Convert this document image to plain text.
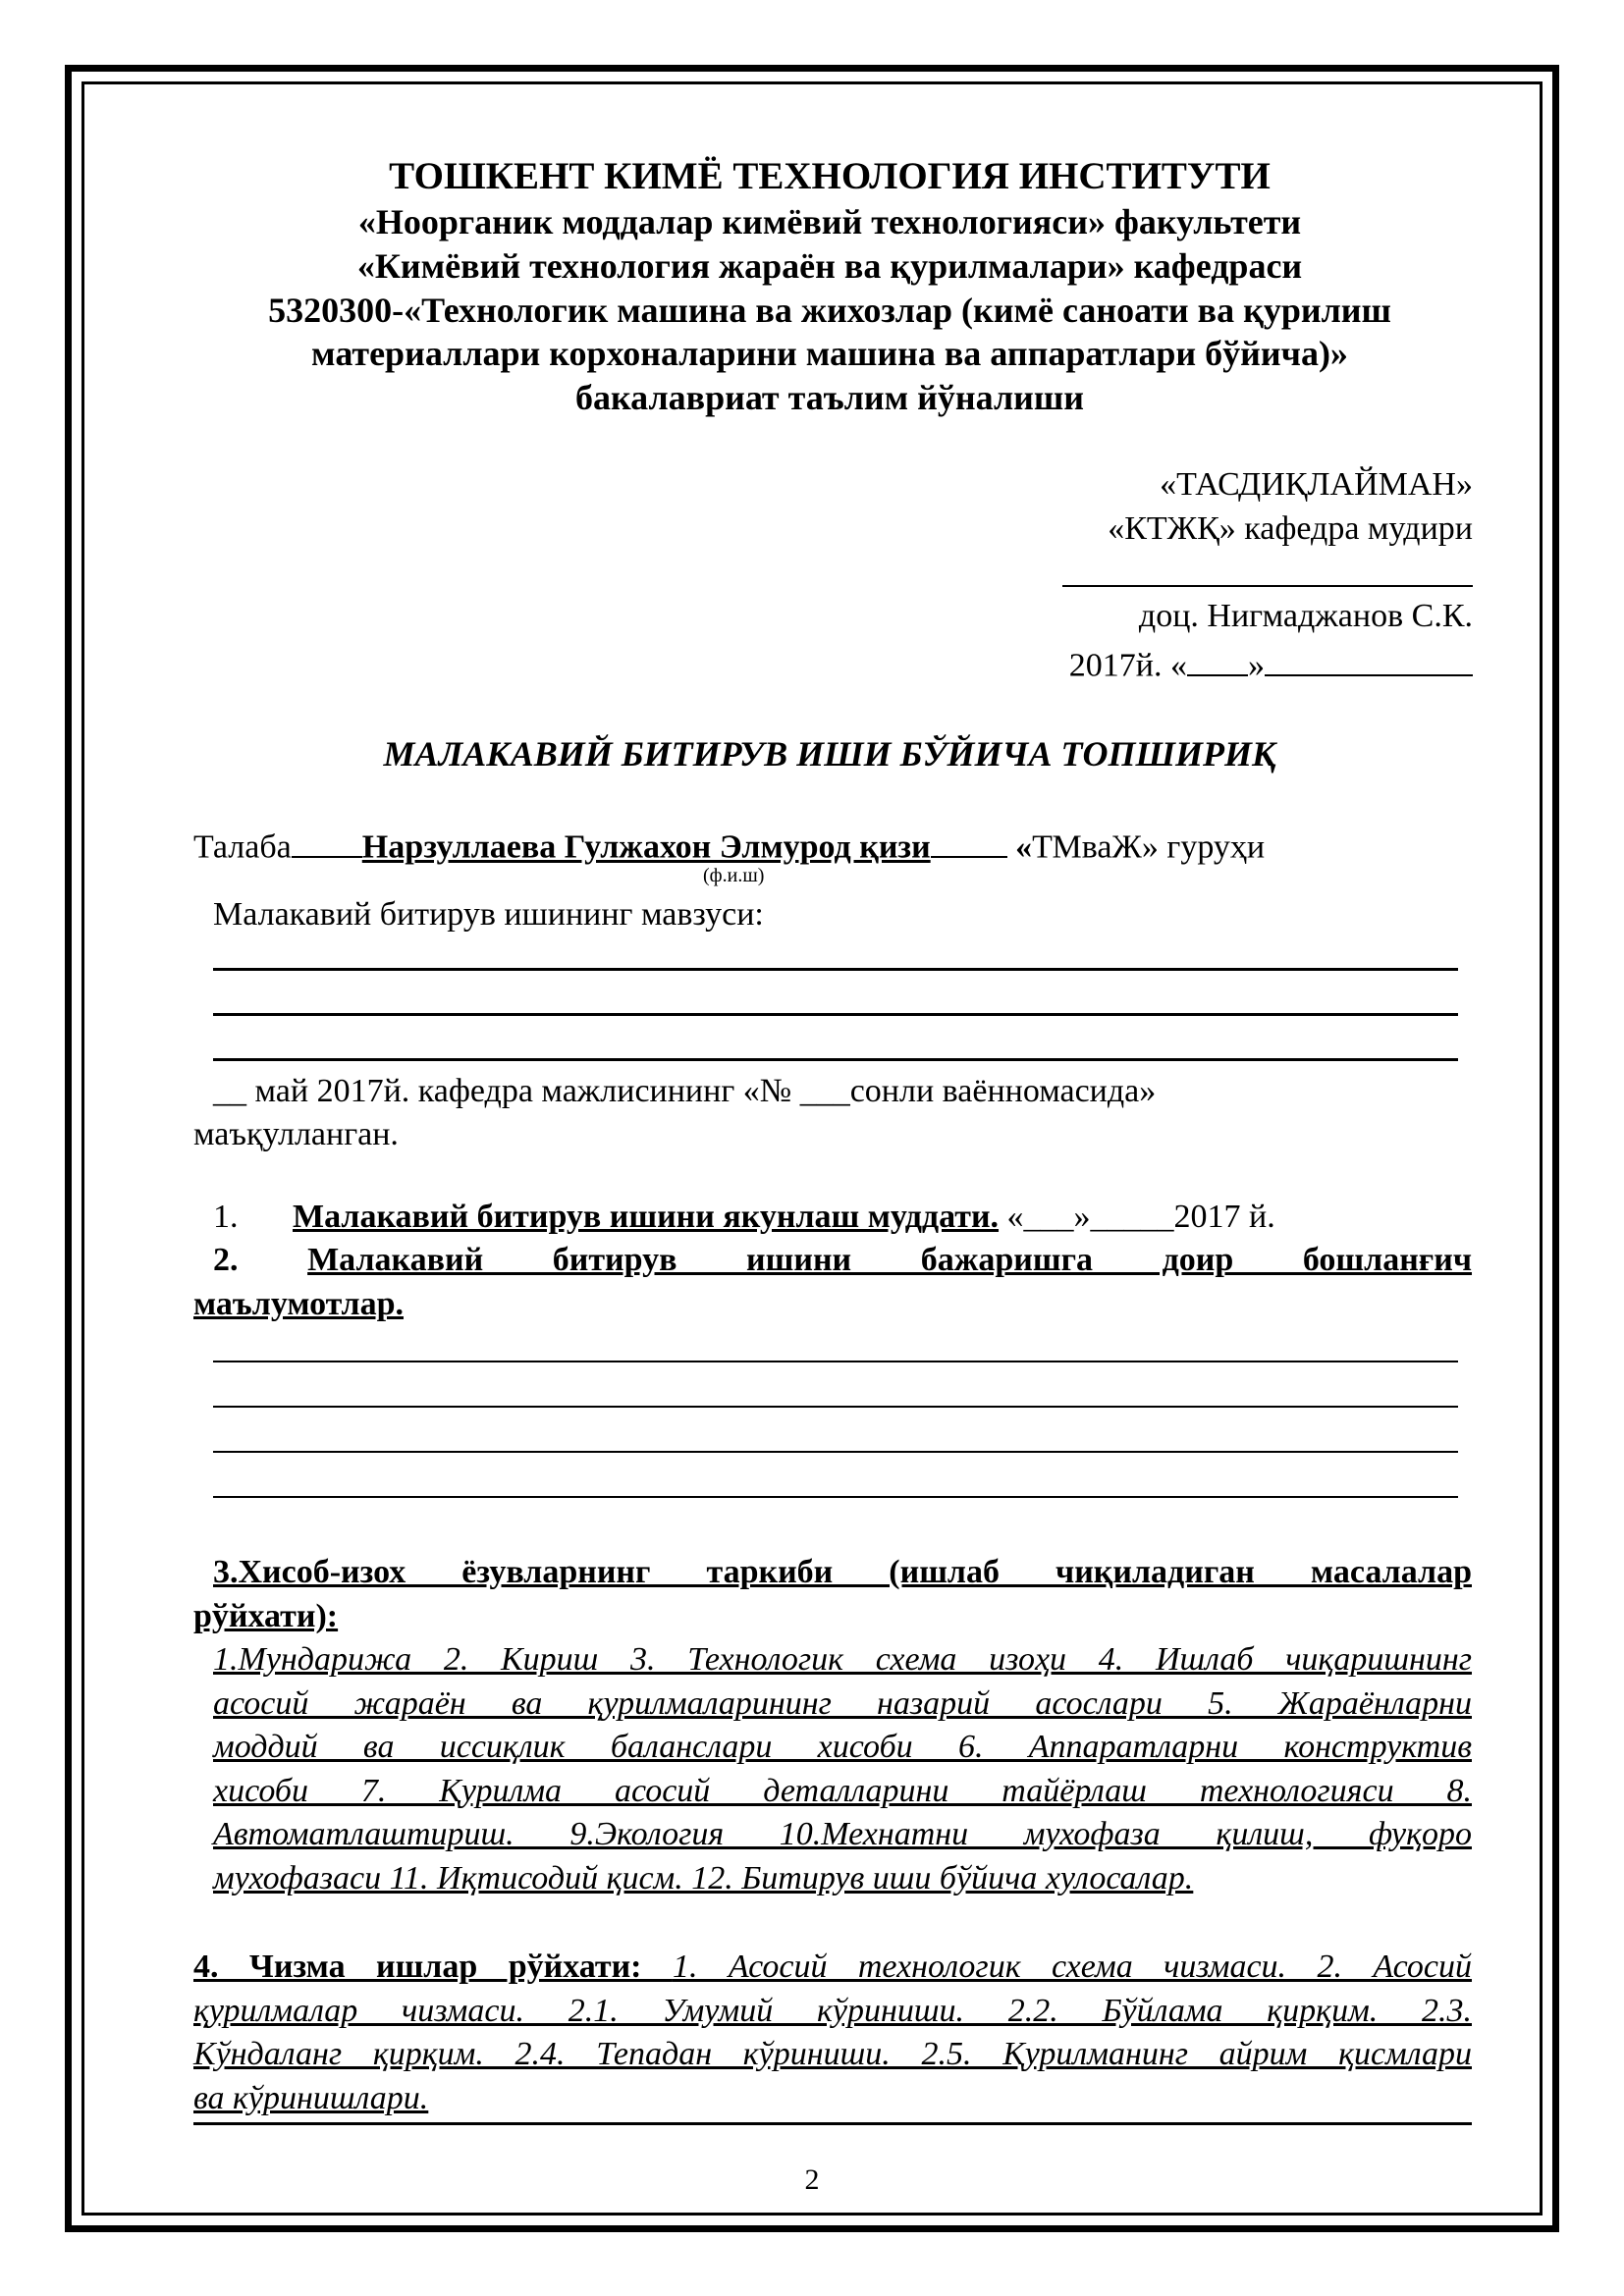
ТОШКЕНТ КИМЁ ТЕХНОЛОГИЯ ИНСТИТУТИ
«Ноорганик моддалар кимёвий технологияси» факультети
«Кимёвий технология жараён ва қурилмалари» кафедраси
5320300-«Технологик машина ва жихозлар (кимё саноати ва қурилиш
материаллари корхоналарини машина ва аппаратлари бўйича)»
бакалавриат таълим йўналиши
«ТАСДИҚЛАЙМАН»
«КТЖҚ» кафедра мудири
доц. Нигмаджанов С.К.
2017й. « »
МАЛАКАВИЙ БИТИРУВ ИШИ БЎЙИЧА ТОПШИРИҚ
Талаба Нарзуллаева Гулжахон Элмурод қизи	«ТМваЖ» гуруҳи
(ф.и.ш)
Малакавий битирув ишининг мавзуси:
__ май 2017й. кафедра мажлисининг «№ ___сонли ваённомасида»
маъқулланган.
1. Малакавий битирув ишини якунлаш муддати. «___»_____2017 й.
2. Малакавий битирув ишини бажаришга доир бошланғич
маълумотлар.
3.Хисоб-изох ёзувларнинг таркиби (ишлаб чиқиладиган масалалар
рўйхати):
1.Мундарижа 2. Кириш 3. Технологик схема изоҳи 4. Ишлаб чиқаришнинг
асосий жараён ва қурилмаларининг назарий асослари 5. Жараёнларни
моддий ва иссиқлик баланслари хисоби 6. Аппаратларни конструктив
хисоби 7. Қурилма асосий деталларини тайёрлаш технологияси 8.
Автоматлаштириш. 9.Экология 10.Мехнатни мухофаза қилиш, фуқоро
мухофазаси 11. Иқтисодий қисм. 12. Битирув иши бўйича хулосалар.
4. Чизма ишлар рўйхати: 1. Асосий технологик схема чизмаси. 2. Асосий
қурилмалар чизмаси. 2.1. Умумий кўриниши. 2.2. Бўйлама қирқим. 2.3.
Кўндаланг қирқим. 2.4. Тепадан кўриниши. 2.5. Қурилманинг айрим қисмлари
ва кўринишлари.
2
